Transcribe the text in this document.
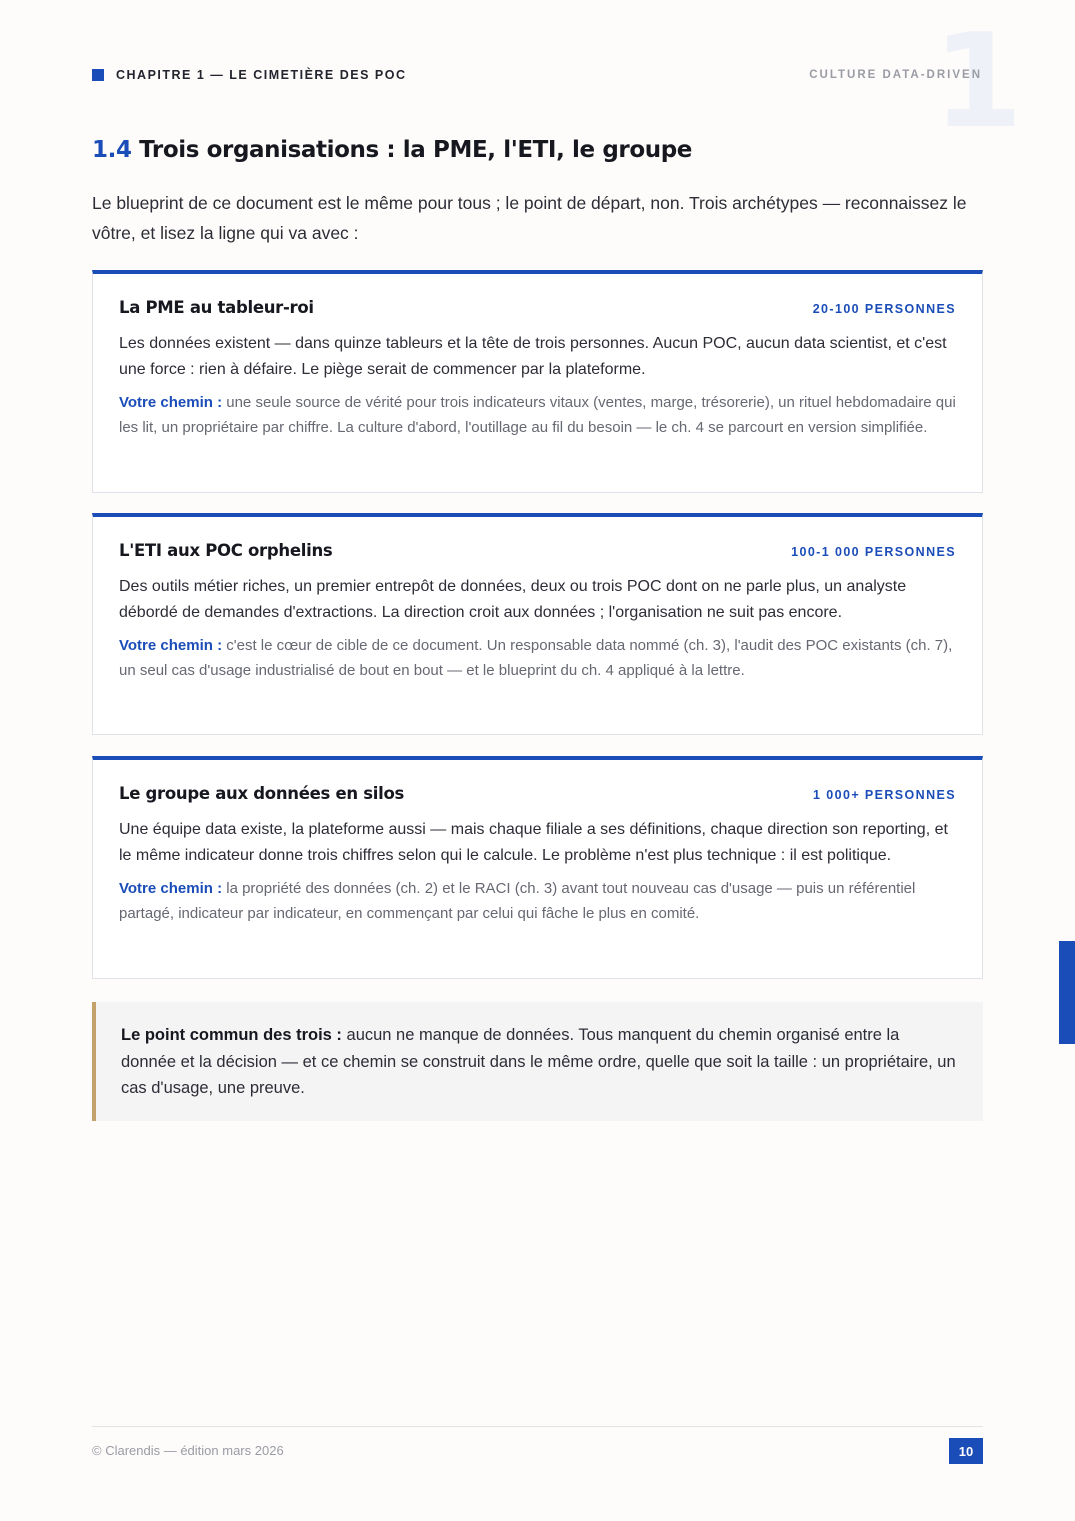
1
CHAPITRE 1 — LE CIMETIÈRE DES POC	CULTURE DATA-DRIVEN
1.4 Trois organisations : la PME, l'ETI, le groupe

Le blueprint de ce document est le même pour tous ; le point de départ, non. Trois archétypes — reconnaissez le vôtre, et lisez la ligne qui va avec :

La PME au tableur-roi	20-100 PERSONNES

Les données existent — dans quinze tableurs et la tête de trois personnes. Aucun POC, aucun data scientist, et c'est une force : rien à défaire. Le piège serait de commencer par la plateforme.

Votre chemin : une seule source de vérité pour trois indicateurs vitaux (ventes, marge, trésorerie), un rituel hebdomadaire qui les lit, un propriétaire par chiffre. La culture d'abord, l'outillage au fil du besoin — le ch. 4 se parcourt en version simplifiée.

L'ETI aux POC orphelins	100-1 000 PERSONNES

Des outils métier riches, un premier entrepôt de données, deux ou trois POC dont on ne parle plus, un analyste débordé de demandes d'extractions. La direction croit aux données ; l'organisation ne suit pas encore.

Votre chemin : c'est le cœur de cible de ce document. Un responsable data nommé (ch. 3), l'audit des POC existants (ch. 7), un seul cas d'usage industrialisé de bout en bout — et le blueprint du ch. 4 appliqué à la lettre.

Le groupe aux données en silos	1 000+ PERSONNES

Une équipe data existe, la plateforme aussi — mais chaque filiale a ses définitions, chaque direction son reporting, et le même indicateur donne trois chiffres selon qui le calcule. Le problème n'est plus technique : il est politique.

Votre chemin : la propriété des données (ch. 2) et le RACI (ch. 3) avant tout nouveau cas d'usage — puis un référentiel partagé, indicateur par indicateur, en commençant par celui qui fâche le plus en comité.

Le point commun des trois : aucun ne manque de données. Tous manquent du chemin organisé entre la donnée et la décision — et ce chemin se construit dans le même ordre, quelle que soit la taille : un propriétaire, un cas d'usage, une preuve.

© Clarendis — édition mars 2026	10
